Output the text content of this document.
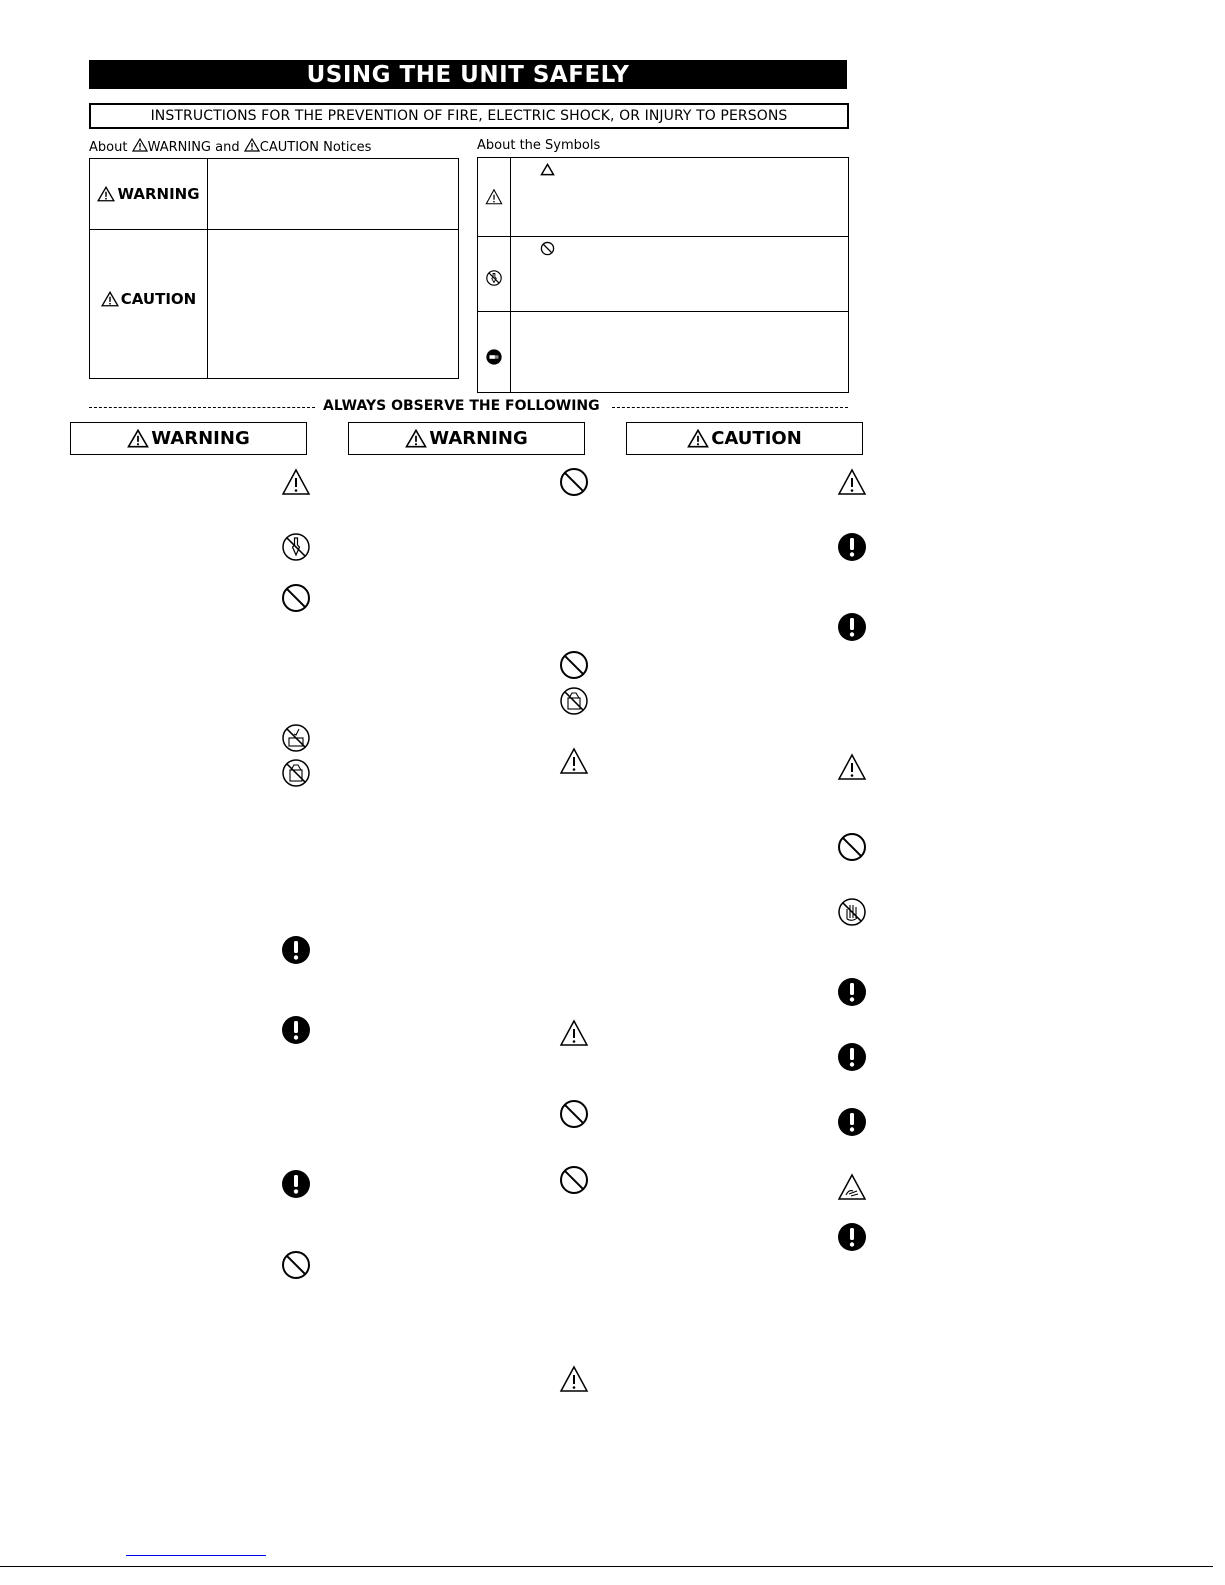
USING THE UNIT SAFELY
INSTRUCTIONS FOR THE PREVENTION OF FIRE, ELECTRIC SHOCK, OR INJURY TO PERSONS
About WARNING and CAUTION Notices	About the Symbols
WARNING
CAUTION
ALWAYS OBSERVE THE FOLLOWING
WARNING	WARNING	CAUTION
